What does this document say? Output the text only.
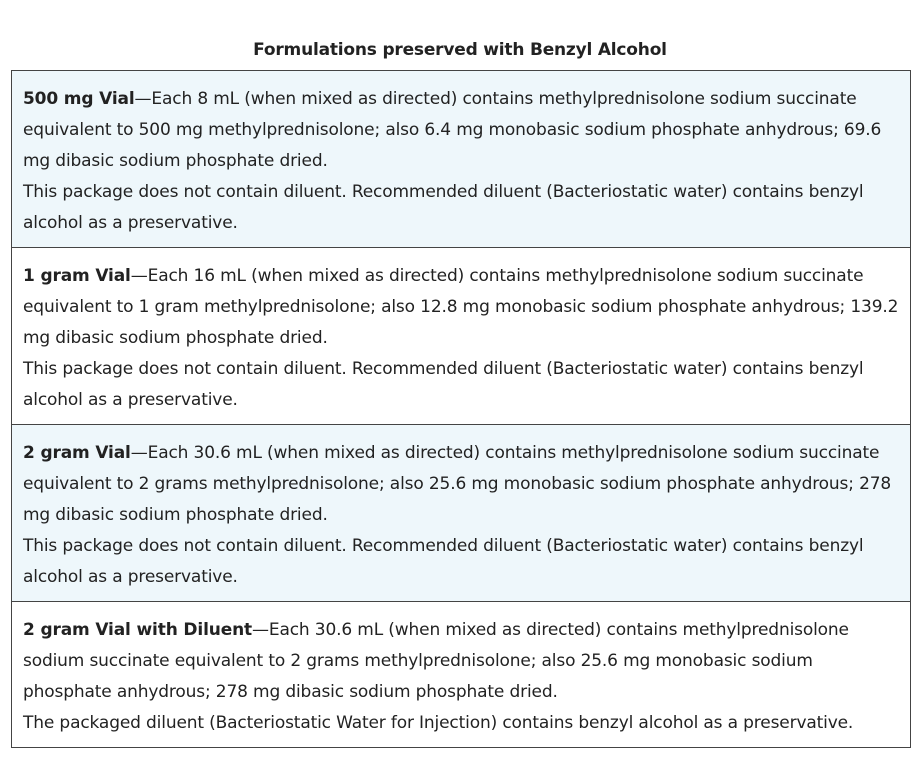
Formulations preserved with Benzyl Alcohol
500 mg Vial—Each 8 mL (when mixed as directed) contains methylprednisolone sodium succinate equivalent to 500 mg methylprednisolone; also 6.4 mg monobasic sodium phosphate anhydrous; 69.6 mg dibasic sodium phosphate dried.
This package does not contain diluent. Recommended diluent (Bacteriostatic water) contains benzyl alcohol as a preservative.

1 gram Vial—Each 16 mL (when mixed as directed) contains methylprednisolone sodium succinate equivalent to 1 gram methylprednisolone; also 12.8 mg monobasic sodium phosphate anhydrous; 139.2 mg dibasic sodium phosphate dried.
This package does not contain diluent. Recommended diluent (Bacteriostatic water) contains benzyl alcohol as a preservative.

2 gram Vial—Each 30.6 mL (when mixed as directed) contains methylprednisolone sodium succinate equivalent to 2 grams methylprednisolone; also 25.6 mg monobasic sodium phosphate anhydrous; 278 mg dibasic sodium phosphate dried.
This package does not contain diluent. Recommended diluent (Bacteriostatic water) contains benzyl alcohol as a preservative.

2 gram Vial with Diluent—Each 30.6 mL (when mixed as directed) contains methylprednisolone sodium succinate equivalent to 2 grams methylprednisolone; also 25.6 mg monobasic sodium phosphate anhydrous; 278 mg dibasic sodium phosphate dried.
The packaged diluent (Bacteriostatic Water for Injection) contains benzyl alcohol as a preservative.
